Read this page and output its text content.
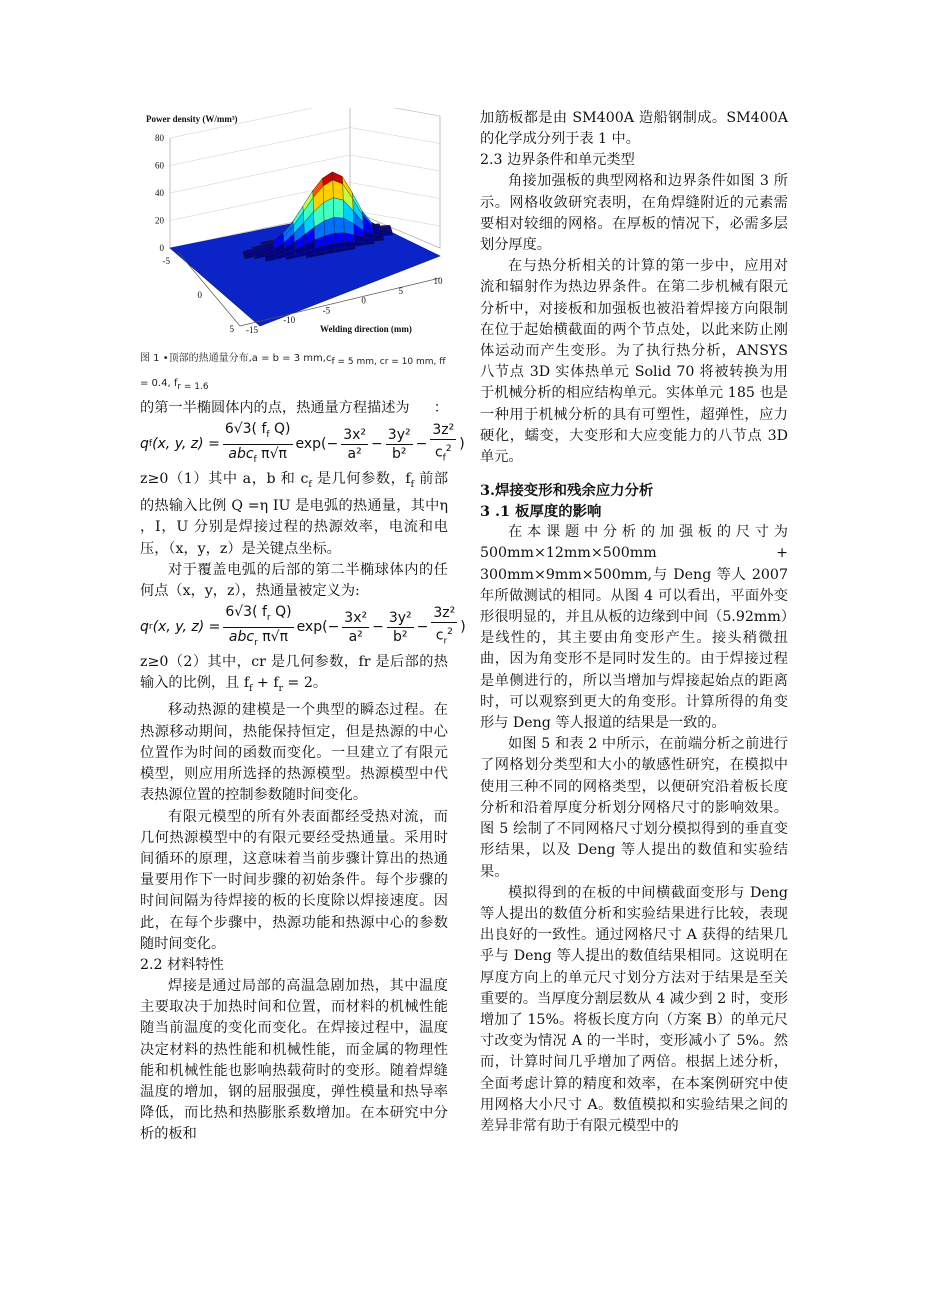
80
60
40
20
0
Power density (W/mm³)
-5
0
5 -15
-10
-5
0
5
10
Welding direction (mm)
图 1 •顶部的热通量分布,a = b = 3 $mm,c_{f = 5 mm, cr = 10 mm, ff}$
= 0.4, $f_{r = 1.6}$

的第一半椭圆体内的点，热通量方程描述为 ：

q f (x, y, $z) = \frac{6√3( f_f Q)}{abc_f \pi√\pi} \exp(- \frac{\text{3x²}}{\text{a²}} - \frac{\text{3y²}}{\text{b²}} - \frac{\text{3z²}}{c_f^2}$ )

z≥0（1）其中 a，b 和 $c_f$ 是几何参数，$f_f$ 前部的热输入比例 Q =η IU 是电弧的热通量，其中η ，I，U 分别是焊接过程的热源效率，电流和电压，（x，y，z）是关键点坐标。

对于覆盖电弧的后部的第二半椭球体内的任何点（x，y，z），热通量被定义为:

q r (x, y, $z) = \frac{6√3( f_r Q)}{abc_r \pi√\pi} \exp(- \frac{\text{3x²}}{\text{a²}} - \frac{\text{3y²}}{\text{b²}} - \frac{\text{3z²}}{c_r^2}$ )

z≥0（2）其中，cr 是几何参数，fr 是后部的热输入的比例，且 $f_f + f_r = 2$。

移动热源的建模是一个典型的瞬态过程。在热源移动期间，热能保持恒定，但是热源的中心位置作为时间的函数而变化。一旦建立了有限元模型，则应用所选择的热源模型。热源模型中代表热源位置的控制参数随时间变化。

有限元模型的所有外表面都经受热对流，而几何热源模型中的有限元要经受热通量。采用时间循环的原理，这意味着当前步骤计算出的热通量要用作下一时间步骤的初始条件。每个步骤的时间间隔为待焊接的板的长度除以焊接速度。因此，在每个步骤中，热源功能和热源中心的参数随时间变化。

2.2 材料特性

焊接是通过局部的高温急剧加热，其中温度主要取决于加热时间和位置，而材料的机械性能随当前温度的变化而变化。在焊接过程中，温度决定材料的热性能和机械性能，而金属的物理性能和机械性能也影响热载荷时的变形。随着焊缝温度的增加，钢的屈服强度，弹性模量和热导率降低，而比热和热膨胀系数增加。在本研究中分析的板和

加筋板都是由 SM400A 造船钢制成。SM400A 的化学成分列于表 1 中。

2.3 边界条件和单元类型

角接加强板的典型网格和边界条件如图 3 所示。网格收敛研究表明，在角焊缝附近的元素需要相对较细的网格。在厚板的情况下，必需多层划分厚度。

在与热分析相关的计算的第一步中，应用对流和辐射作为热边界条件。在第二步机械有限元分析中，对接板和加强板也被沿着焊接方向限制在位于起始横截面的两个节点处，以此来防止刚体运动而产生变形。为了执行热分析，ANSYS 八节点 3D 实体热单元 Solid 70 将被转换为用于机械分析的相应结构单元。实体单元 185 也是一种用于机械分析的具有可塑性，超弹性，应力硬化，蠕变，大变形和大应变能力的八节点 3D 单元。

3.焊接变形和残余应力分析

3 .1 板厚度的影响

在本课题中分析的加强板的尺寸为 500mm×12mm×500mm + 300mm×9mm×500mm,与 Deng 等人 2007 年所做测试的相同。从图 4 可以看出，平面外变形很明显的，并且从板的边缘到中间（5.92mm）是线性的，其主要由角变形产生。接头稍微扭曲，因为角变形不是同时发生的。由于焊接过程是单侧进行的，所以当增加与焊接起始点的距离时，可以观察到更大的角变形。计算所得的角变形与 Deng 等人报道的结果是一致的。

如图 5 和表 2 中所示，在前端分析之前进行了网格划分类型和大小的敏感性研究，在模拟中使用三种不同的网格类型，以便研究沿着板长度分析和沿着厚度分析划分网格尺寸的影响效果。图 5 绘制了不同网格尺寸划分模拟得到的垂直变形结果，以及 Deng 等人提出的数值和实验结果。

模拟得到的在板的中间横截面变形与 Deng 等人提出的数值分析和实验结果进行比较，表现出良好的一致性。通过网格尺寸 A 获得的结果几乎与 Deng 等人提出的数值结果相同。这说明在厚度方向上的单元尺寸划分方法对于结果是至关重要的。当厚度分割层数从 4 减少到 2 时，变形增加了 15%。将板长度方向（方案 B）的单元尺寸改变为情况 A 的一半时，变形减小了 5%。然而，计算时间几乎增加了两倍。根据上述分析，全面考虑计算的精度和效率，在本案例研究中使用网格大小尺寸 A。数值模拟和实验结果之间的差异非常有助于有限元模型中的
